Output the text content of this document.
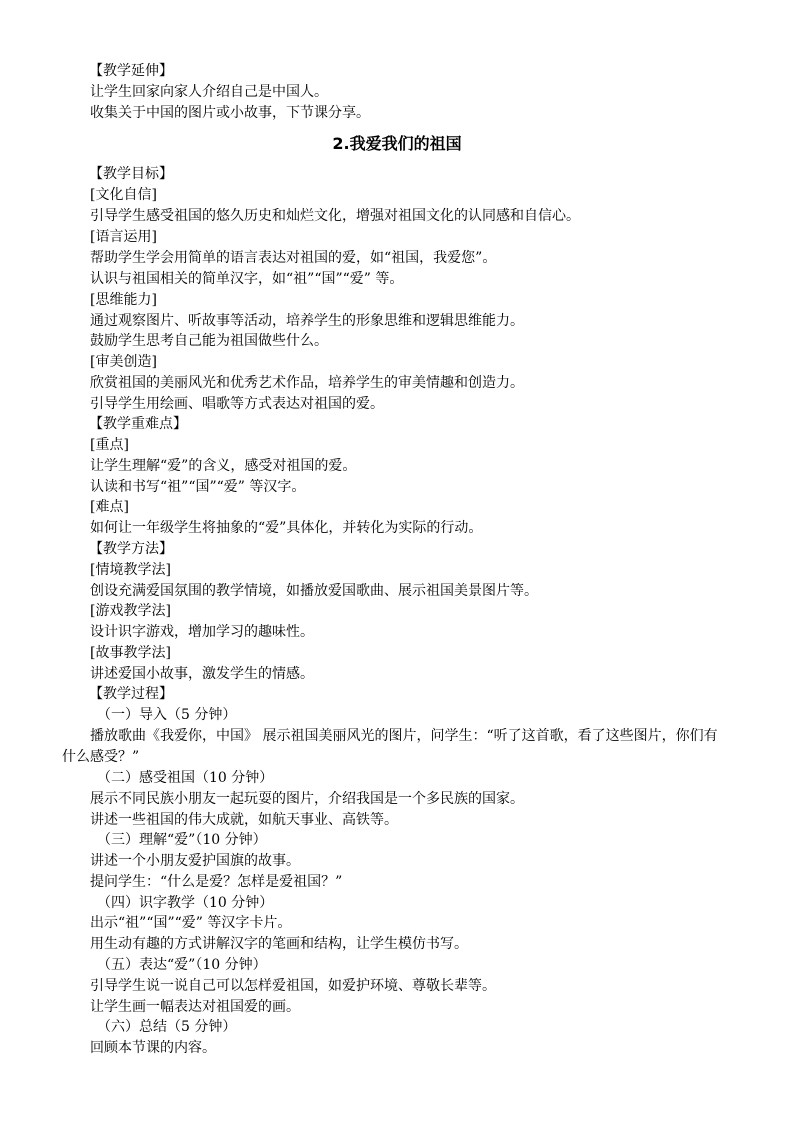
【教学延伸】
让学生回家向家人介绍自己是中国人。
收集关于中国的图片或小故事，下节课分享。
2.我爱我们的祖国
【教学目标】
[文化自信]
引导学生感受祖国的悠久历史和灿烂文化，增强对祖国文化的认同感和自信心。
[语言运用]
帮助学生学会用简单的语言表达对祖国的爱，如“祖国，我爱您”。
认识与祖国相关的简单汉字，如“祖”“国”“爱” 等。
[思维能力]
通过观察图片、听故事等活动，培养学生的形象思维和逻辑思维能力。
鼓励学生思考自己能为祖国做些什么。
[审美创造]
欣赏祖国的美丽风光和优秀艺术作品，培养学生的审美情趣和创造力。
引导学生用绘画、唱歌等方式表达对祖国的爱。
【教学重难点】
[重点]
让学生理解“爱”的含义，感受对祖国的爱。
认读和书写“祖”“国”“爱” 等汉字。
[难点]
如何让一年级学生将抽象的“爱”具体化，并转化为实际的行动。
【教学方法】
[情境教学法]
创设充满爱国氛围的教学情境，如播放爱国歌曲、展示祖国美景图片等。
[游戏教学法]
设计识字游戏，增加学习的趣味性。
[故事教学法]
讲述爱国小故事，激发学生的情感。
【教学过程】
（一）导入（5 分钟）
播放歌曲《我爱你，中国》 展示祖国美丽风光的图片，问学生：“听了这首歌，看了这些图片，你们有什么感受？”
（二）感受祖国（10 分钟）
展示不同民族小朋友一起玩耍的图片，介绍我国是一个多民族的国家。
讲述一些祖国的伟大成就，如航天事业、高铁等。
（三）理解“爱”（10 分钟）
讲述一个小朋友爱护国旗的故事。
提问学生：“什么是爱？怎样是爱祖国？”
（四）识字教学（10 分钟）
出示“祖”“国”“爱” 等汉字卡片。
用生动有趣的方式讲解汉字的笔画和结构，让学生模仿书写。
（五）表达“爱”（10 分钟）
引导学生说一说自己可以怎样爱祖国，如爱护环境、尊敬长辈等。
让学生画一幅表达对祖国爱的画。
（六）总结（5 分钟）
回顾本节课的内容。
